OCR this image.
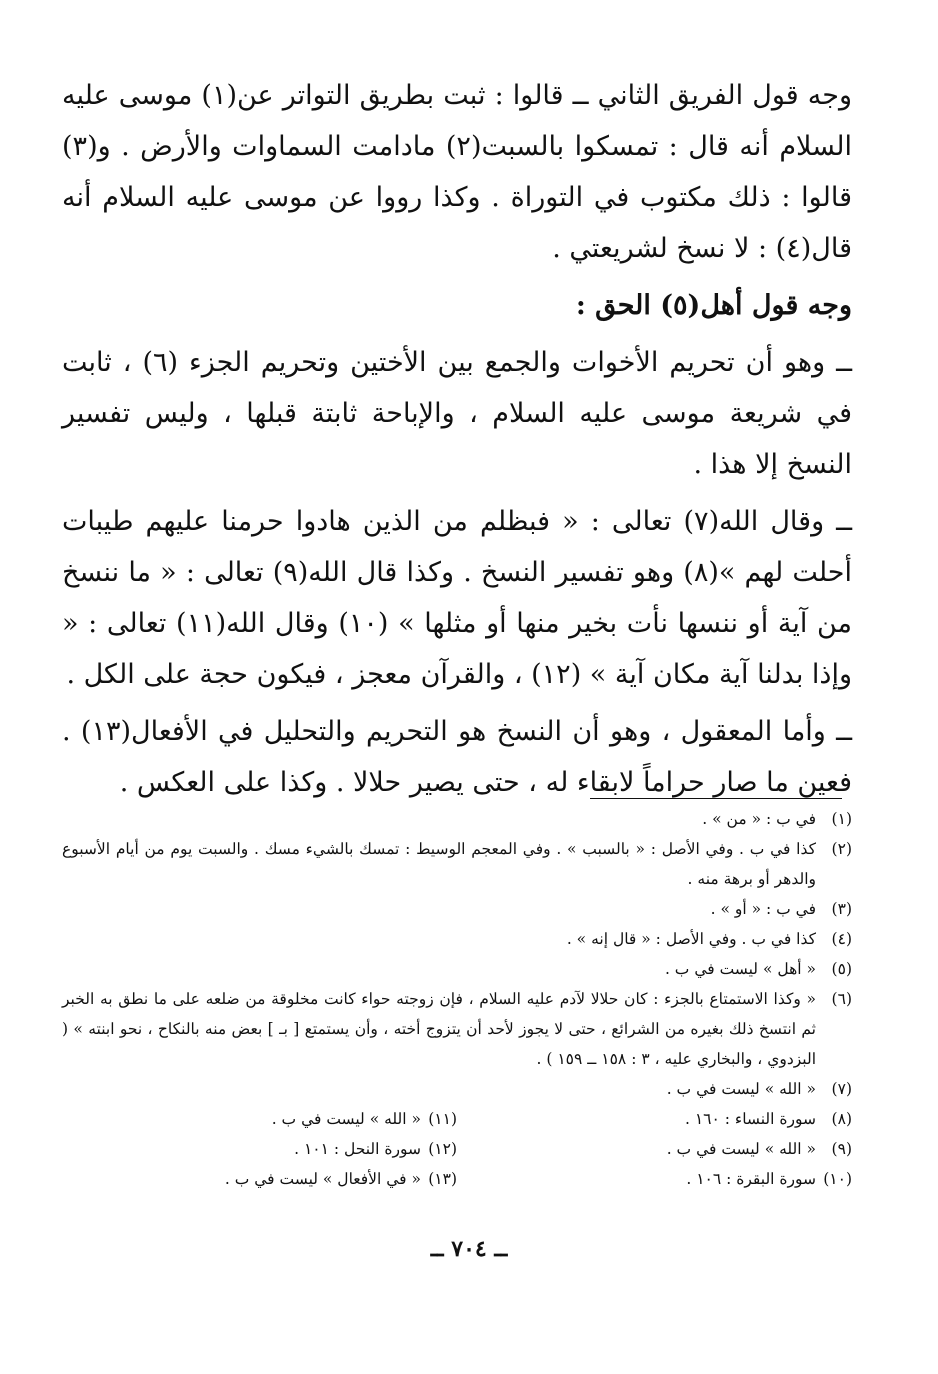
وجه قول الفريق الثاني ــ قالوا : ثبت بطريق التواتر عن(١) موسى عليه السلام أنه قال : تمسكوا بالسبت(٢) مادامت السماوات والأرض . و(٣) قالوا : ذلك مكتوب في التوراة . وكذا رووا عن موسى عليه السلام أنه قال(٤) : لا نسخ لشريعتي .

وجه قول أهل(٥) الحق :

ــ وهو أن تحريم الأخوات والجمع بين الأختين وتحريم الجزء (٦) ، ثابت في شريعة موسى عليه السلام ، والإباحة ثابتة قبلها ، وليس تفسير النسخ إلا هذا .

ــ وقال الله(٧) تعالى : « فبظلم من الذين هادوا حرمنا عليهم طيبات أحلت لهم »(٨) وهو تفسير النسخ . وكذا قال الله(٩) تعالى : « ما ننسخ من آية أو ننسها نأت بخير منها أو مثلها » (١٠) وقال الله(١١) تعالى : « وإذا بدلنا آية مكان آية » (١٢) ، والقرآن معجز ، فيكون حجة على الكل .

ــ وأما المعقول ، وهو أن النسخ هو التحريم والتحليل في الأفعال(١٣) . فعين ما صار حراماً لابقاء له ، حتى يصير حلالا . وكذا على العكس .

(١)
في ب : « من » .
(٢)
كذا في ب . وفي الأصل : « بالسبب » . وفي المعجم الوسيط : تمسك بالشيء مسك . والسبت يوم من أيام الأسبوع والدهر أو برهة منه .
(٣)
في ب : « أو » .
(٤)
كذا في ب . وفي الأصل : « قال إنه » .
(٥)
« أهل » ليست في ب .
(٦)
« وكذا الاستمتاع بالجزء : كان حلالا لآدم عليه السلام ، فإن زوجته حواء كانت مخلوقة من ضلعه على ما نطق به الخبر ثم انتسخ ذلك بغيره من الشرائع ، حتى لا يجوز لأحد أن يتزوج أخته ، وأن يستمتع [ بـ ] بعض منه بالنكاح ، نحو ابنته » ( البزدوي ، والبخاري عليه ، ٣ : ١٥٨ ــ ١٥٩ ) .
(٧)
« الله » ليست في ب .
(٨)
سورة النساء : ١٦٠ .
(١١)
« الله » ليست في ب .
(٩)
« الله » ليست في ب .
(١٢)
سورة النحل : ١٠١ .
(١٠)
سورة البقرة : ١٠٦ .
(١٣)
« في الأفعال » ليست في ب .
ــ ٧٠٤ ــ
